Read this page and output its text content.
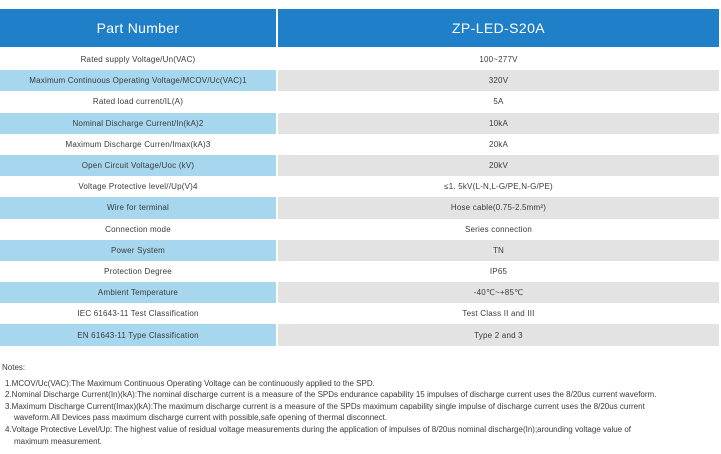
Part Number	ZP-LED-S20A
Rated supply Voltage/Un(VAC)	100~277V
Maximum Continuous Operating Voltage/MCOV/Uc(VAC)1	320V
Rated load current/IL(A)	5A
Nominal Discharge Current/In(kA)2	10kA
Maximum Discharge Curren/Imax(kA)3	20kA
Open Circuit Voltage/Uoc (kV)	20kV
Voltage Protective level//Up(V)4	≤1. 5kV(L-N,L-G/PE,N-G/PE)
Wire for terminal	Hose cable(0.75-2.5mm²)
Connection mode	Series connection
Power System	TN
Protection Degree	IP65
Ambient Temperature	-40℃~+85℃
IEC 61643-11 Test Classification	Test Class II and III
EN 61643-11 Type Classification	Type 2 and 3
Notes:
1.MCOV/Uc(VAC):The Maximum Continuous Operating Voltage can be continuously applied to the SPD.
2.Nominal Discharge Current(In)(kA):The nominal discharge current is a measure of the SPDs endurance capability 15 impulses of discharge current uses the 8/20us current waveform.
3.Maximum Discharge Current(Imax)(kA):The maximum discharge current is a measure of the SPDs maximum capability single impulse of discharge current uses the 8/20us current
waveform.All Devices pass maximum discharge current with possible,safe opening of thermal disconnect.
4.Voltage Protective Level/Up: The highest value of residual voltage measurements during the application of impulses of 8/20us nominal discharge(In);arounding voltage value of
maximum measurement.
